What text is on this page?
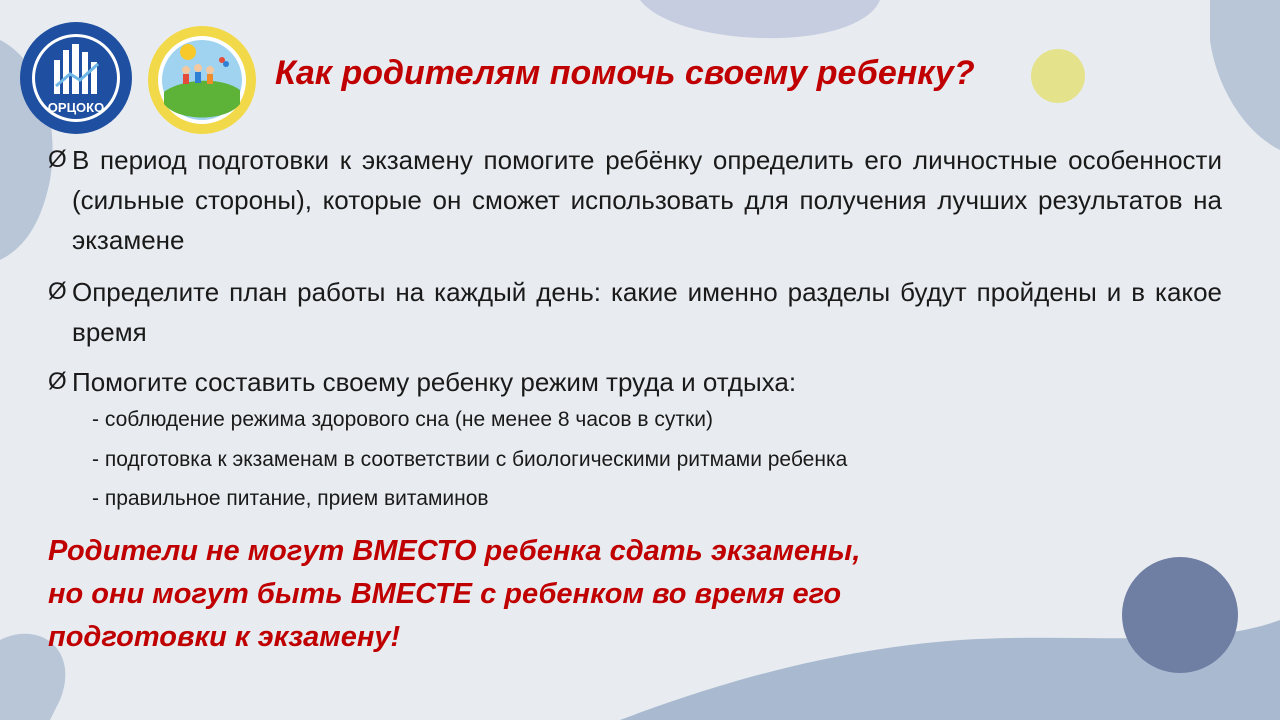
ОРЦОКО
Как родителям помочь своему ребенку?
Ø В период подготовки к экзамену помогите ребёнку определить его личностные особенности (сильные стороны), которые он сможет использовать для получения лучших результатов на экзамене
Ø Определите план работы на каждый день: какие именно разделы будут пройдены и в какое время
Ø Помогите составить своему ребенку режим труда и отдыха:
- соблюдение режима здорового сна (не менее 8 часов в сутки)
- подготовка к экзаменам в соответствии с биологическими ритмами ребенка
- правильное питание, прием витаминов
Родители не могут ВМЕСТО ребенка сдать экзамены,
но они могут быть ВМЕСТЕ с ребенком во время его
подготовки к экзамену!
